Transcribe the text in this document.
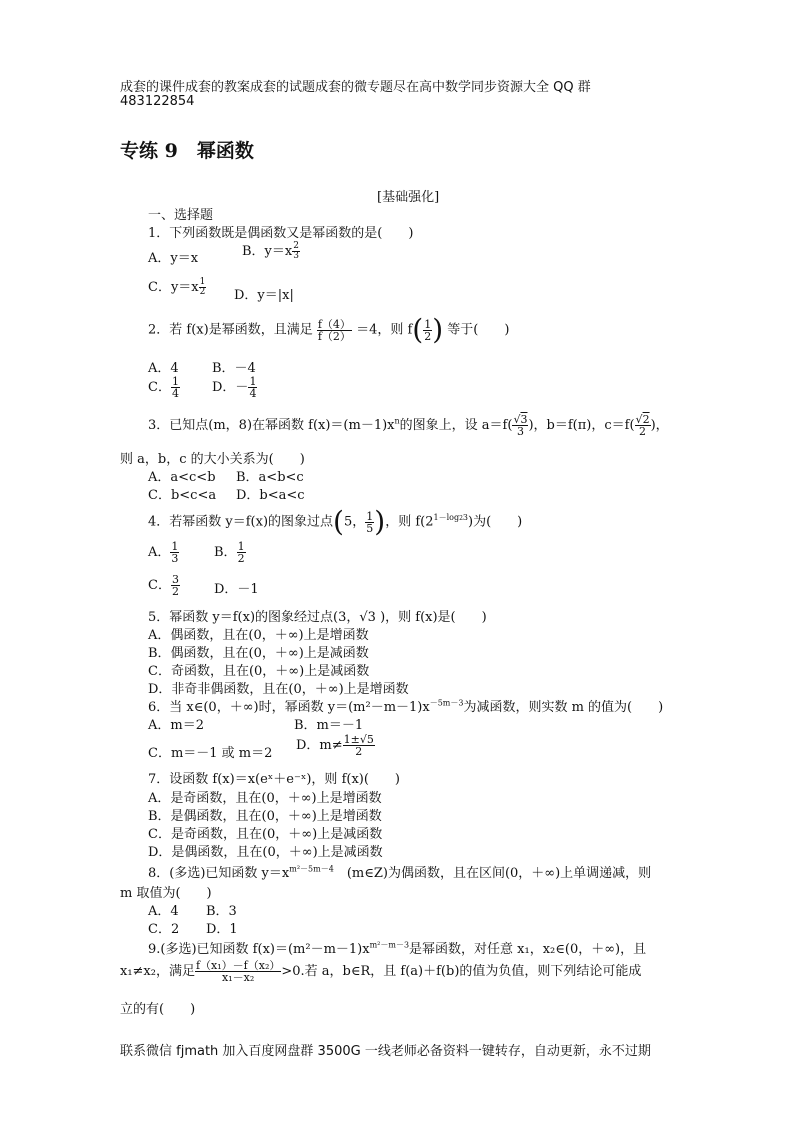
成套的课件成套的教案成套的试题成套的微专题尽在高中数学同步资源大全 QQ 群
483122854
专练 9　幂函数
[基础强化]
一、选择题
1．下列函数既是偶函数又是幂函数的是(　　)
A．y＝x	B．$y=x \frac{2}{3}$
C．$y=x \frac{1}{2}$ D．y＝|x|
2．若 f(x)是幂函数，且满足 $\frac{f(4)}{f(2)} =4$，则 $f( \frac{1}{2}$ ) 等于(　　)
A．4	B．－4
C． $\frac{1}{4}$ D．－ $\frac{1}{4}$
3．已知点(m，8)在幂函数 $f(x)=(m-1)x^n$的图象上，设 $a=f( \frac{√3}{3}$ )，b＝f(π)，$c=f( \frac{√2}{2}$ )，
则 a，b，c 的大小关系为(　　)
A．a<c<b B．a<b<c
C．b<c<a D．b<a<c
4．若幂函数 y＝f(x)的图象过点(5， $\frac{1}{5}$ )，则 $f(2^{1-log23})$为(　　)
A． $\frac{1}{3}$	B． $\frac{1}{2}$
C． $\frac{3}{2}$	D．－1
5．幂函数 y＝f(x)的图象经过点(3，√3 )，则 f(x)是(　　)
A．偶函数，且在(0，＋∞)上是增函数
B．偶函数，且在(0，＋∞)上是减函数
C．奇函数，且在(0，＋∞)上是减函数
D．非奇非偶函数，且在(0，＋∞)上是增函数
6．当 x∈(0，＋∞)时，幂函数 $y=(m^2-m-1)x^{-5m-3}$为减函数，则实数 m 的值为(　　)
A．m＝2	B．m＝－1
C．m＝－1 或 m＝2
D．$m\ne \frac{1\pm√5}{2}$
7．设函数 f(x)＝x(eˣ＋e⁻ˣ)，则 f(x)(　　)
A．是奇函数，且在(0，＋∞)上是增函数
B．是偶函数，且在(0，＋∞)上是增函数
C．是奇函数，且在(0，＋∞)上是减函数
D．是偶函数，且在(0，＋∞)上是减函数
8．(多选)已知函数 $y=x^{m^2-5m-4}$　 (m∈Z)为偶函数，且在区间(0，＋∞)上单调递减，则
m 取值为(　　)
A．4 B．3
C．2 D．1
9.(多选)已知函数 $f(x)=(m^2-m-1)x^{m^2-m-3}$是幂函数，对任意 x₁，x₂∈(0，＋∞)，且
x₁≠x₂，满足 $\frac{\text{f（x₁）－f（x₂）}}{\text{x₁－x₂}} >0$.若 a，b∈R，且 f(a)＋f(b)的值为负值，则下列结论可能成
立的有(　　)
联系微信 fjmath 加入百度网盘群 3500G 一线老师必备资料一键转存，自动更新，永不过期
